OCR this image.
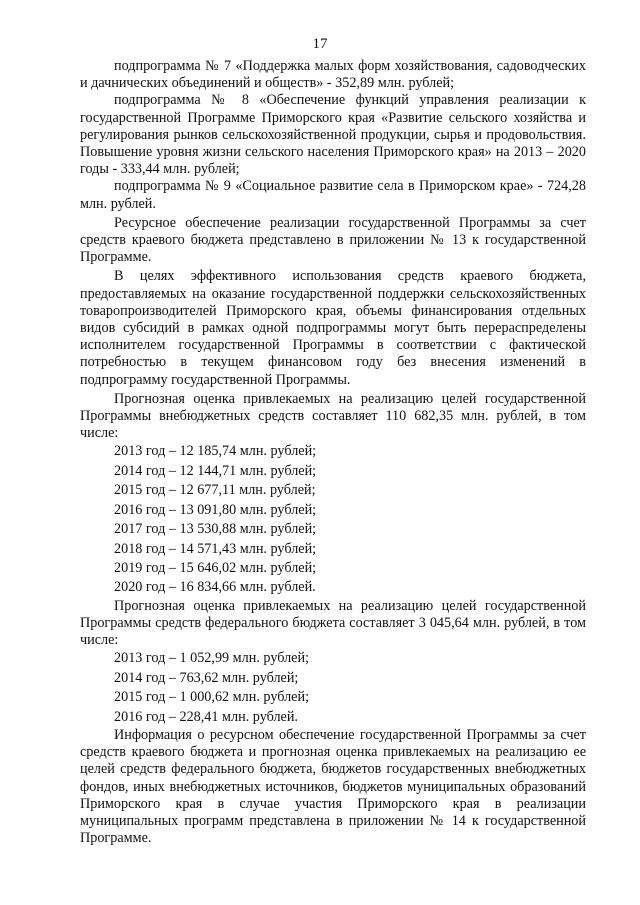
17

подпрограмма № 7 «Поддержка малых форм хозяйствования, садоводческих и дачнических объединений и обществ» - 352,89 млн. рублей;

подпрограмма № 8 «Обеспечение функций управления реализации к государственной Программе Приморского края «Развитие сельского хозяйства и регулирования рынков сельскохозяйственной продукции, сырья и продовольствия. Повышение уровня жизни сельского населения Приморского края» на 2013 – 2020 годы - 333,44 млн. рублей;

подпрограмма № 9 «Социальное развитие села в Приморском крае» - 724,28 млн. рублей.

Ресурсное обеспечение реализации государственной Программы за счет средств краевого бюджета представлено в приложении № 13 к государственной Программе.

В целях эффективного использования средств краевого бюджета, предоставляемых на оказание государственной поддержки сельскохозяйственных товаропроизводителей Приморского края, объемы финансирования отдельных видов субсидий в рамках одной подпрограммы могут быть перераспределены исполнителем государственной Программы в соответствии с фактической потребностью в текущем финансовом году без внесения изменений в подпрограмму государственной Программы.

Прогнозная оценка привлекаемых на реализацию целей государственной Программы внебюджетных средств составляет 110 682,35 млн. рублей, в том числе:

2013 год – 12 185,74 млн. рублей;
2014 год – 12 144,71 млн. рублей;
2015 год – 12 677,11 млн. рублей;
2016 год – 13 091,80 млн. рублей;
2017 год – 13 530,88 млн. рублей;
2018 год – 14 571,43 млн. рублей;
2019 год – 15 646,02 млн. рублей;
2020 год – 16 834,66 млн. рублей.

Прогнозная оценка привлекаемых на реализацию целей государственной Программы средств федерального бюджета составляет 3 045,64 млн. рублей, в том числе:

2013 год – 1 052,99 млн. рублей;
2014 год – 763,62 млн. рублей;
2015 год – 1 000,62 млн. рублей;
2016 год – 228,41 млн. рублей.

Информация о ресурсном обеспечение государственной Программы за счет средств краевого бюджета и прогнозная оценка привлекаемых на реализацию ее целей средств федерального бюджета, бюджетов государственных внебюджетных фондов, иных внебюджетных источников, бюджетов муниципальных образований Приморского края в случае участия Приморского края в реализации муниципальных программ представлена в приложении № 14 к государственной Программе.
